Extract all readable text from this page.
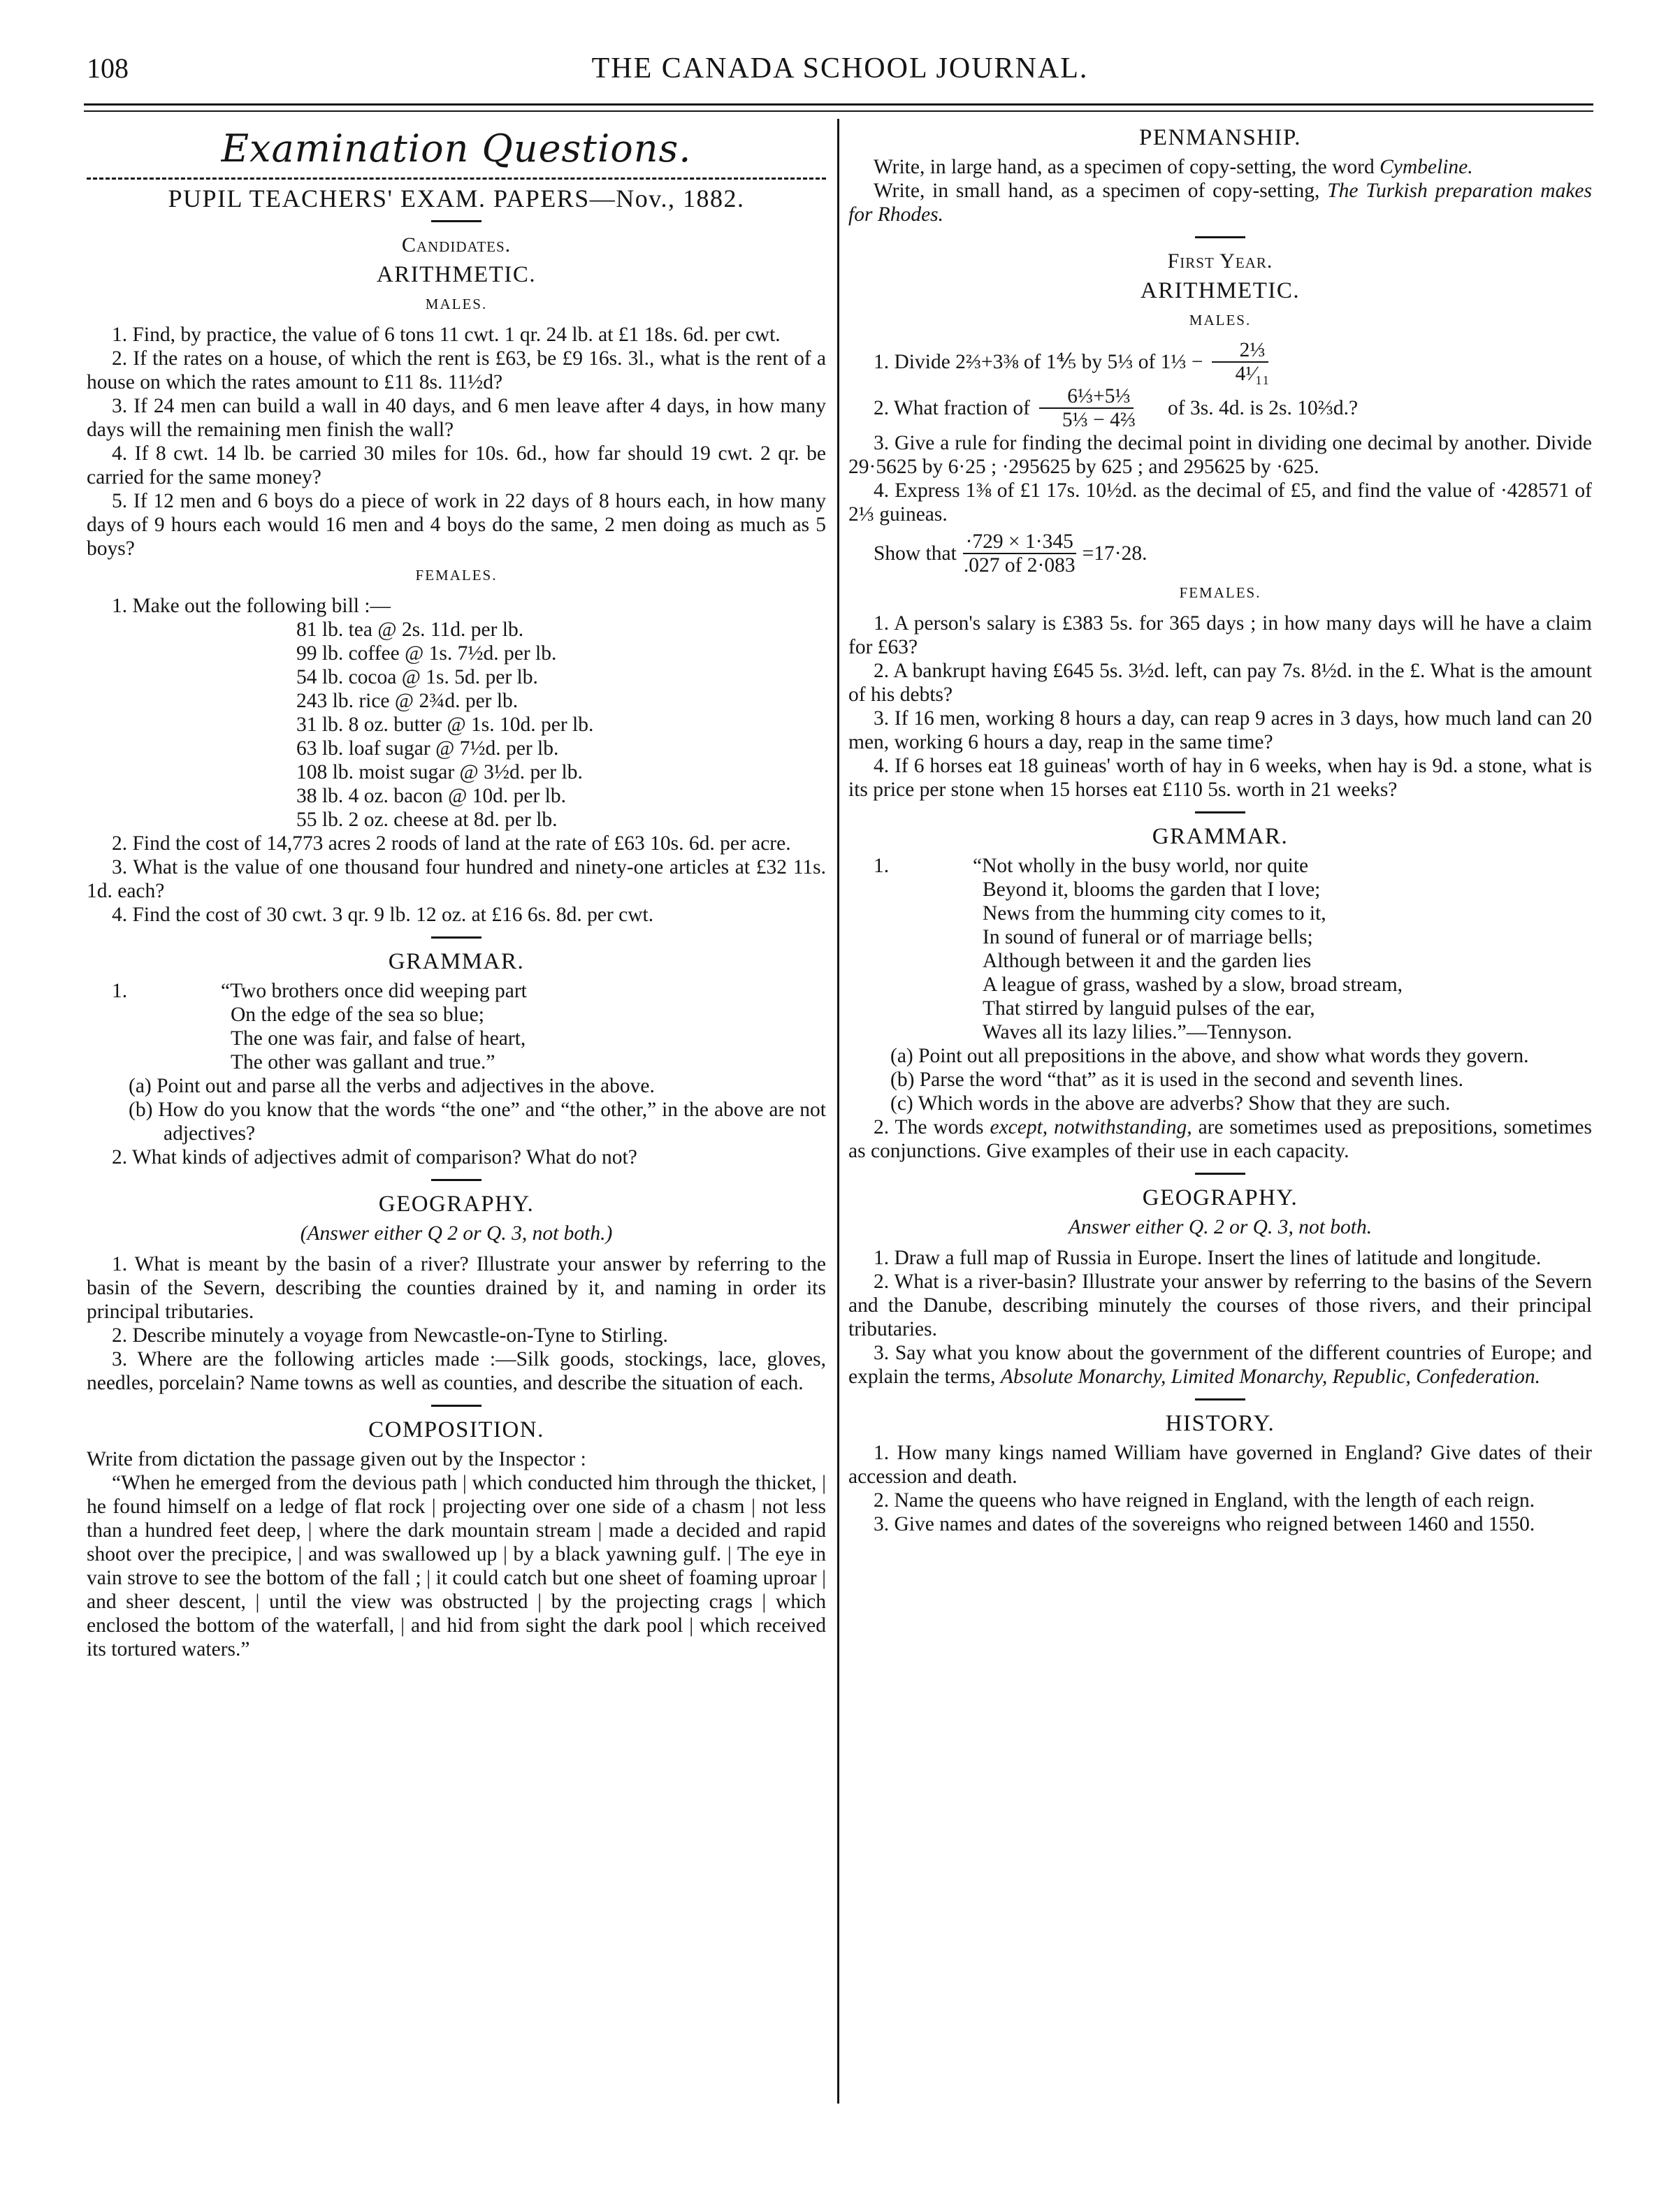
108	THE CANADA SCHOOL JOURNAL.
Examination Questions.
PUPIL TEACHERS' EXAM. PAPERS—Nov., 1882.
Candidates.
ARITHMETIC.
MALES.

1. Find, by practice, the value of 6 tons 11 cwt. 1 qr. 24 lb. at £1 18s. 6d. per cwt.

2. If the rates on a house, of which the rent is £63, be £9 16s. 3l., what is the rent of a house on which the rates amount to £11 8s. 11½d?

3. If 24 men can build a wall in 40 days, and 6 men leave after 4 days, in how many days will the remaining men finish the wall?

4. If 8 cwt. 14 lb. be carried 30 miles for 10s. 6d., how far should 19 cwt. 2 qr. be carried for the same money?

5. If 12 men and 6 boys do a piece of work in 22 days of 8 hours each, in how many days of 9 hours each would 16 men and 4 boys do the same, 2 men doing as much as 5 boys?

FEMALES.

1. Make out the following bill :—

81 lb. tea @ 2s. 11d. per lb.

99 lb. coffee @ 1s. 7½d. per lb.

54 lb. cocoa @ 1s. 5d. per lb.

243 lb. rice @ 2¾d. per lb.

31 lb. 8 oz. butter @ 1s. 10d. per lb.

63 lb. loaf sugar @ 7½d. per lb.

108 lb. moist sugar @ 3½d. per lb.

38 lb. 4 oz. bacon @ 10d. per lb.

55 lb. 2 oz. cheese at 8d. per lb.

2. Find the cost of 14,773 acres 2 roods of land at the rate of £63 10s. 6d. per acre.

3. What is the value of one thousand four hundred and ninety-one articles at £32 11s. 1d. each?

4. Find the cost of 30 cwt. 3 qr. 9 lb. 12 oz. at £16 6s. 8d. per cwt.

GRAMMAR.
1.	“Two brothers once did weeping part

On the edge of the sea so blue;

The one was fair, and false of heart,

The other was gallant and true.”

(a) Point out and parse all the verbs and adjectives in the above.

(b) How do you know that the words “the one” and “the other,” in the above are not adjectives?

2. What kinds of adjectives admit of comparison? What do not?

GEOGRAPHY.
(Answer either Q 2 or Q. 3, not both.)

1. What is meant by the basin of a river? Illustrate your answer by referring to the basin of the Severn, describing the counties drained by it, and naming in order its principal tributaries.

2. Describe minutely a voyage from Newcastle-on-Tyne to Stirling.

3. Where are the following articles made :—Silk goods, stockings, lace, gloves, needles, porcelain? Name towns as well as counties, and describe the situation of each.

COMPOSITION.

Write from dictation the passage given out by the Inspector :

“When he emerged from the devious path | which conducted him through the thicket, | he found himself on a ledge of flat rock | projecting over one side of a chasm | not less than a hundred feet deep, | where the dark mountain stream | made a decided and rapid shoot over the precipice, | and was swallowed up | by a black yawning gulf. | The eye in vain strove to see the bottom of the fall ; | it could catch but one sheet of foaming uproar | and sheer descent, | until the view was obstructed | by the projecting crags | which enclosed the bottom of the waterfall, | and hid from sight the dark pool | which received its tortured waters.”

PENMANSHIP.

Write, in large hand, as a specimen of copy-setting, the word Cymbeline.

Write, in small hand, as a specimen of copy-setting, The Turkish preparation makes for Rhodes.

First Year.
ARITHMETIC.
MALES.
1. Divide 2⅔+3⅜ of 1⅘ by 5⅓ of 1⅓ − $\frac{\text{2⅓}}{\text{4¹⁄₁₁}}$
2. What fraction of $\frac{\text{6⅓+5⅓}}{\text{5⅓ − 4⅔}}$	of 3s. 4d. is 2s. 10⅔d.?

3. Give a rule for finding the decimal point in dividing one decimal by another. Divide 29·5625 by 6·25 ; ·295625 by 625 ; and 295625 by ·625.

4. Express 1⅜ of £1 17s. 10½d. as the decimal of £5, and find the value of ·428571 of 2⅓ guineas.

Show that $\frac{\cdot 729 \times 1\cdot 345}{.027 of 2\cdot 083} =17\cdot 28$.
FEMALES.

1. A person's salary is £383 5s. for 365 days ; in how many days will he have a claim for £63?

2. A bankrupt having £645 5s. 3½d. left, can pay 7s. 8½d. in the £. What is the amount of his debts?

3. If 16 men, working 8 hours a day, can reap 9 acres in 3 days, how much land can 20 men, working 6 hours a day, reap in the same time?

4. If 6 horses eat 18 guineas' worth of hay in 6 weeks, when hay is 9d. a stone, what is its price per stone when 15 horses eat £110 5s. worth in 21 weeks?

GRAMMAR.
1.	“Not wholly in the busy world, nor quite

Beyond it, blooms the garden that I love;

News from the humming city comes to it,

In sound of funeral or of marriage bells;

Although between it and the garden lies

A league of grass, washed by a slow, broad stream,

That stirred by languid pulses of the ear,

Waves all its lazy lilies.”—Tennyson.

(a) Point out all prepositions in the above, and show what words they govern.

(b) Parse the word “that” as it is used in the second and seventh lines.

(c) Which words in the above are adverbs? Show that they are such.

2. The words except, notwithstanding, are sometimes used as prepositions, sometimes as conjunctions. Give examples of their use in each capacity.

GEOGRAPHY.
Answer either Q. 2 or Q. 3, not both.

1. Draw a full map of Russia in Europe. Insert the lines of latitude and longitude.

2. What is a river-basin? Illustrate your answer by referring to the basins of the Severn and the Danube, describing minutely the courses of those rivers, and their principal tributaries.

3. Say what you know about the government of the different countries of Europe; and explain the terms, Absolute Monarchy, Limited Monarchy, Republic, Confederation.

HISTORY.

1. How many kings named William have governed in England? Give dates of their accession and death.

2. Name the queens who have reigned in England, with the length of each reign.

3. Give names and dates of the sovereigns who reigned between 1460 and 1550.
